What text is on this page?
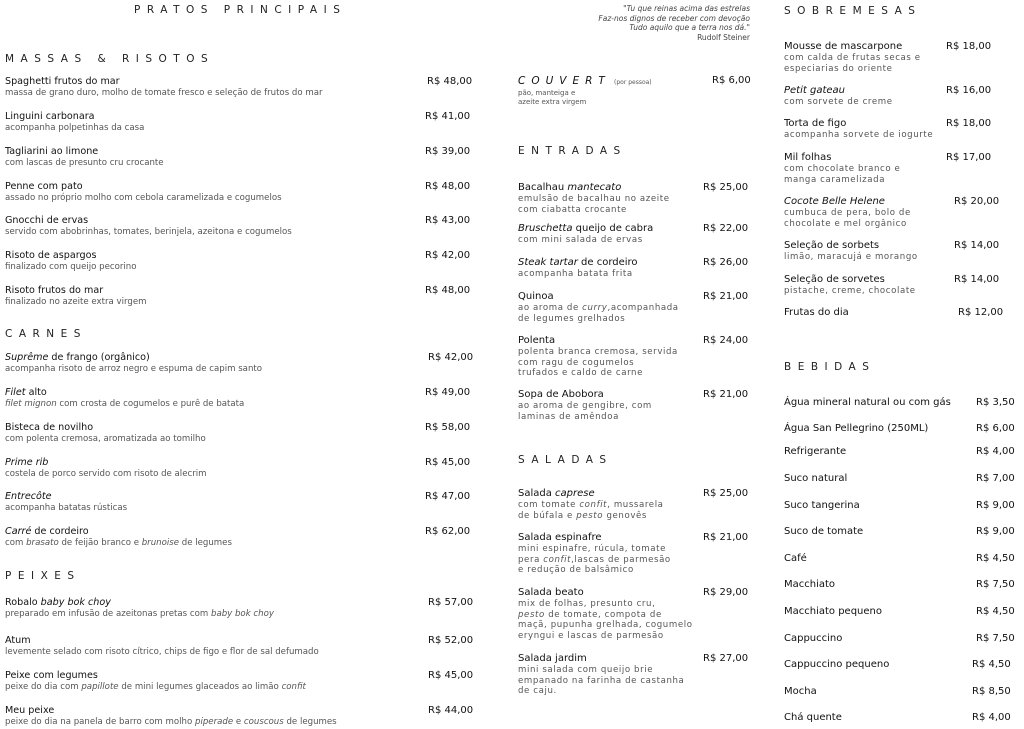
PRATOS PRINCIPAIS
MASSAS & RISOTOS
Spaghetti frutos do mar
massa de grano duro, molho de tomate fresco e seleção de frutos do mar
R$ 48,00
Linguini carbonara
acompanha polpetinhas da casa
R$ 41,00
Tagliarini ao limone
com lascas de presunto cru crocante
R$ 39,00
Penne com pato
assado no próprio molho com cebola caramelizada e cogumelos
R$ 48,00
Gnocchi de ervas
servido com abobrinhas, tomates, berinjela, azeitona e cogumelos
R$ 43,00
Risoto de aspargos
finalizado com queijo pecorino
R$ 42,00
Risoto frutos do mar
finalizado no azeite extra virgem
R$ 48,00
CARNES
Suprême de frango (orgânico)
acompanha risoto de arroz negro e espuma de capim santo
R$ 42,00
Filet alto
filet mignon com crosta de cogumelos e purê de batata
R$ 49,00
Bisteca de novilho
com polenta cremosa, aromatizada ao tomilho
R$ 58,00
Prime rib
costela de porco servido com risoto de alecrim
R$ 45,00
Entrecôte
acompanha batatas rústicas
R$ 47,00
Carré de cordeiro
com brasato de feijão branco e brunoise de legumes
R$ 62,00
PEIXES
Robalo baby bok choy
preparado em infusão de azeitonas pretas com baby bok choy
R$ 57,00
Atum
levemente selado com risoto cítrico, chips de figo e flor de sal defumado
R$ 52,00
Peixe com legumes
peixe do dia com papillote de mini legumes glaceados ao limão confit
R$ 45,00
Meu peixe
peixe do dia na panela de barro com molho piperade e couscous de legumes
R$ 44,00
"Tu que reinas acima das estrelas
Faz-nos dignos de receber com devoção
Tudo aquilo que a terra nos dá."
Rudolf Steiner
COUVERT (por pessoa)
pão, manteiga e
azeite extra virgem
R$ 6,00
ENTRADAS
Bacalhau mantecato
emulsão de bacalhau no azeite
com ciabatta crocante
R$ 25,00
Bruschetta queijo de cabra
com mini salada de ervas
R$ 22,00
Steak tartar de cordeiro
acompanha batata frita
R$ 26,00
Quinoa
ao aroma de curry,acompanhada
de legumes grelhados
R$ 21,00
Polenta
polenta branca cremosa, servida
com ragu de cogumelos
trufados e caldo de carne
R$ 24,00
Sopa de Abobora
ao aroma de gengibre, com
laminas de amêndoa
R$ 21,00
SALADAS
Salada caprese
com tomate confit, mussarela
de búfala e pesto genovês
R$ 25,00
Salada espinafre
mini espinafre, rúcula, tomate
pera confit,lascas de parmesão
e redução de balsâmico
R$ 21,00
Salada beato
mix de folhas, presunto cru,
pesto de tomate, compota de
maçã, pupunha grelhada, cogumelo
eryngui e lascas de parmesão
R$ 29,00
Salada jardim
mini salada com queijo brie
empanado na farinha de castanha
de caju.
R$ 27,00
SOBREMESAS
Mousse de mascarpone
com calda de frutas secas e
especiarias do oriente
R$ 18,00
Petit gateau
com sorvete de creme
R$ 16,00
Torta de figo
acompanha sorvete de iogurte
R$ 18,00
Mil folhas
com chocolate branco e
manga caramelizada
R$ 17,00
Cocote Belle Helene
cumbuca de pera, bolo de
chocolate e mel orgânico
R$ 20,00
Seleção de sorbets
limão, maracujá e morango
R$ 14,00
Seleção de sorvetes
pistache, creme, chocolate
R$ 14,00
Frutas do dia	R$ 12,00
BEBIDAS
Água mineral natural ou com gás	R$ 3,50
Água San Pellegrino (250ML)	R$ 6,00
Refrigerante	R$ 4,00
Suco natural	R$ 7,00
Suco tangerina	R$ 9,00
Suco de tomate	R$ 9,00
Café	R$ 4,50
Macchiato	R$ 7,50
Macchiato pequeno	R$ 4,50
Cappuccino	R$ 7,50
Cappuccino pequeno	R$ 4,50
Mocha	R$ 8,50
Chá quente	R$ 4,00
